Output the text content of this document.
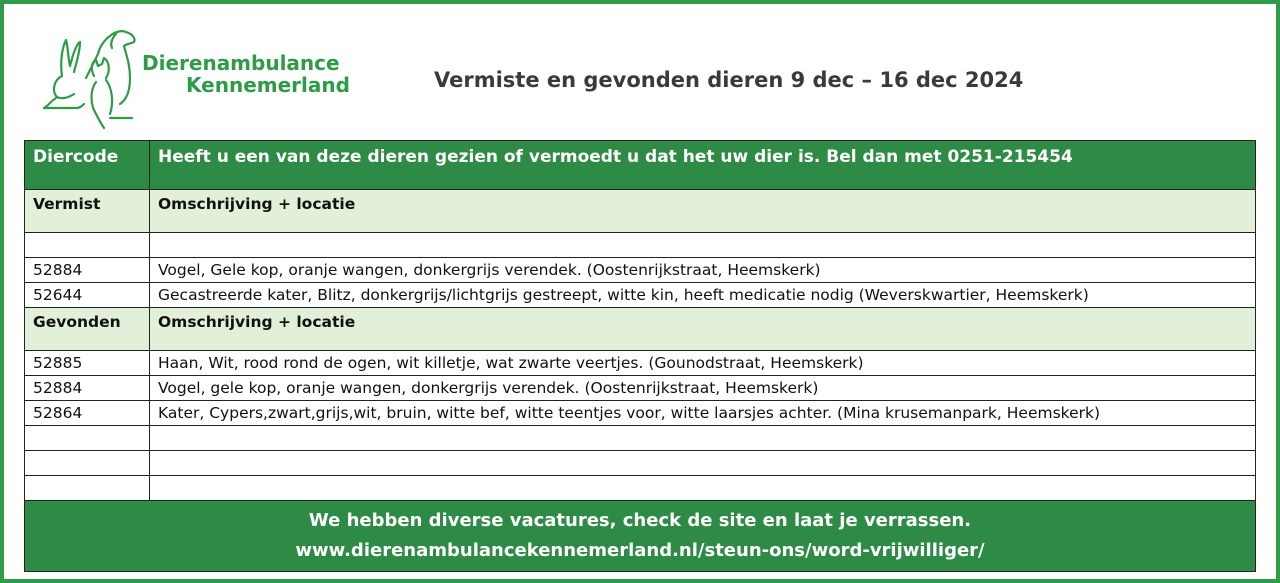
Dierenambulance
Kennemerland	Vermiste en gevonden dieren 9 dec – 16 dec 2024
Diercode	Heeft u een van deze dieren gezien of vermoedt u dat het uw dier is. Bel dan met 0251-215454
Vermist	Omschrijving + locatie

52884	Vogel, Gele kop, oranje wangen, donkergrijs verendek. (Oostenrijkstraat, Heemskerk)
52644	Gecastreerde kater, Blitz, donkergrijs/lichtgrijs gestreept, witte kin, heeft medicatie nodig (Weverskwartier, Heemskerk)
Gevonden	Omschrijving + locatie
52885	Haan, Wit, rood rond de ogen, wit killetje, wat zwarte veertjes. (Gounodstraat, Heemskerk)
52884	Vogel, gele kop, oranje wangen, donkergrijs verendek. (Oostenrijkstraat, Heemskerk)
52864	Kater, Cypers,zwart,grijs,wit, bruin, witte bef, witte teentjes voor, witte laarsjes achter. (Mina krusemanpark, Heemskerk)

We hebben diverse vacatures, check de site en laat je verrassen.
www.dierenambulancekennemerland.nl/steun-ons/word-vrijwilliger/	
